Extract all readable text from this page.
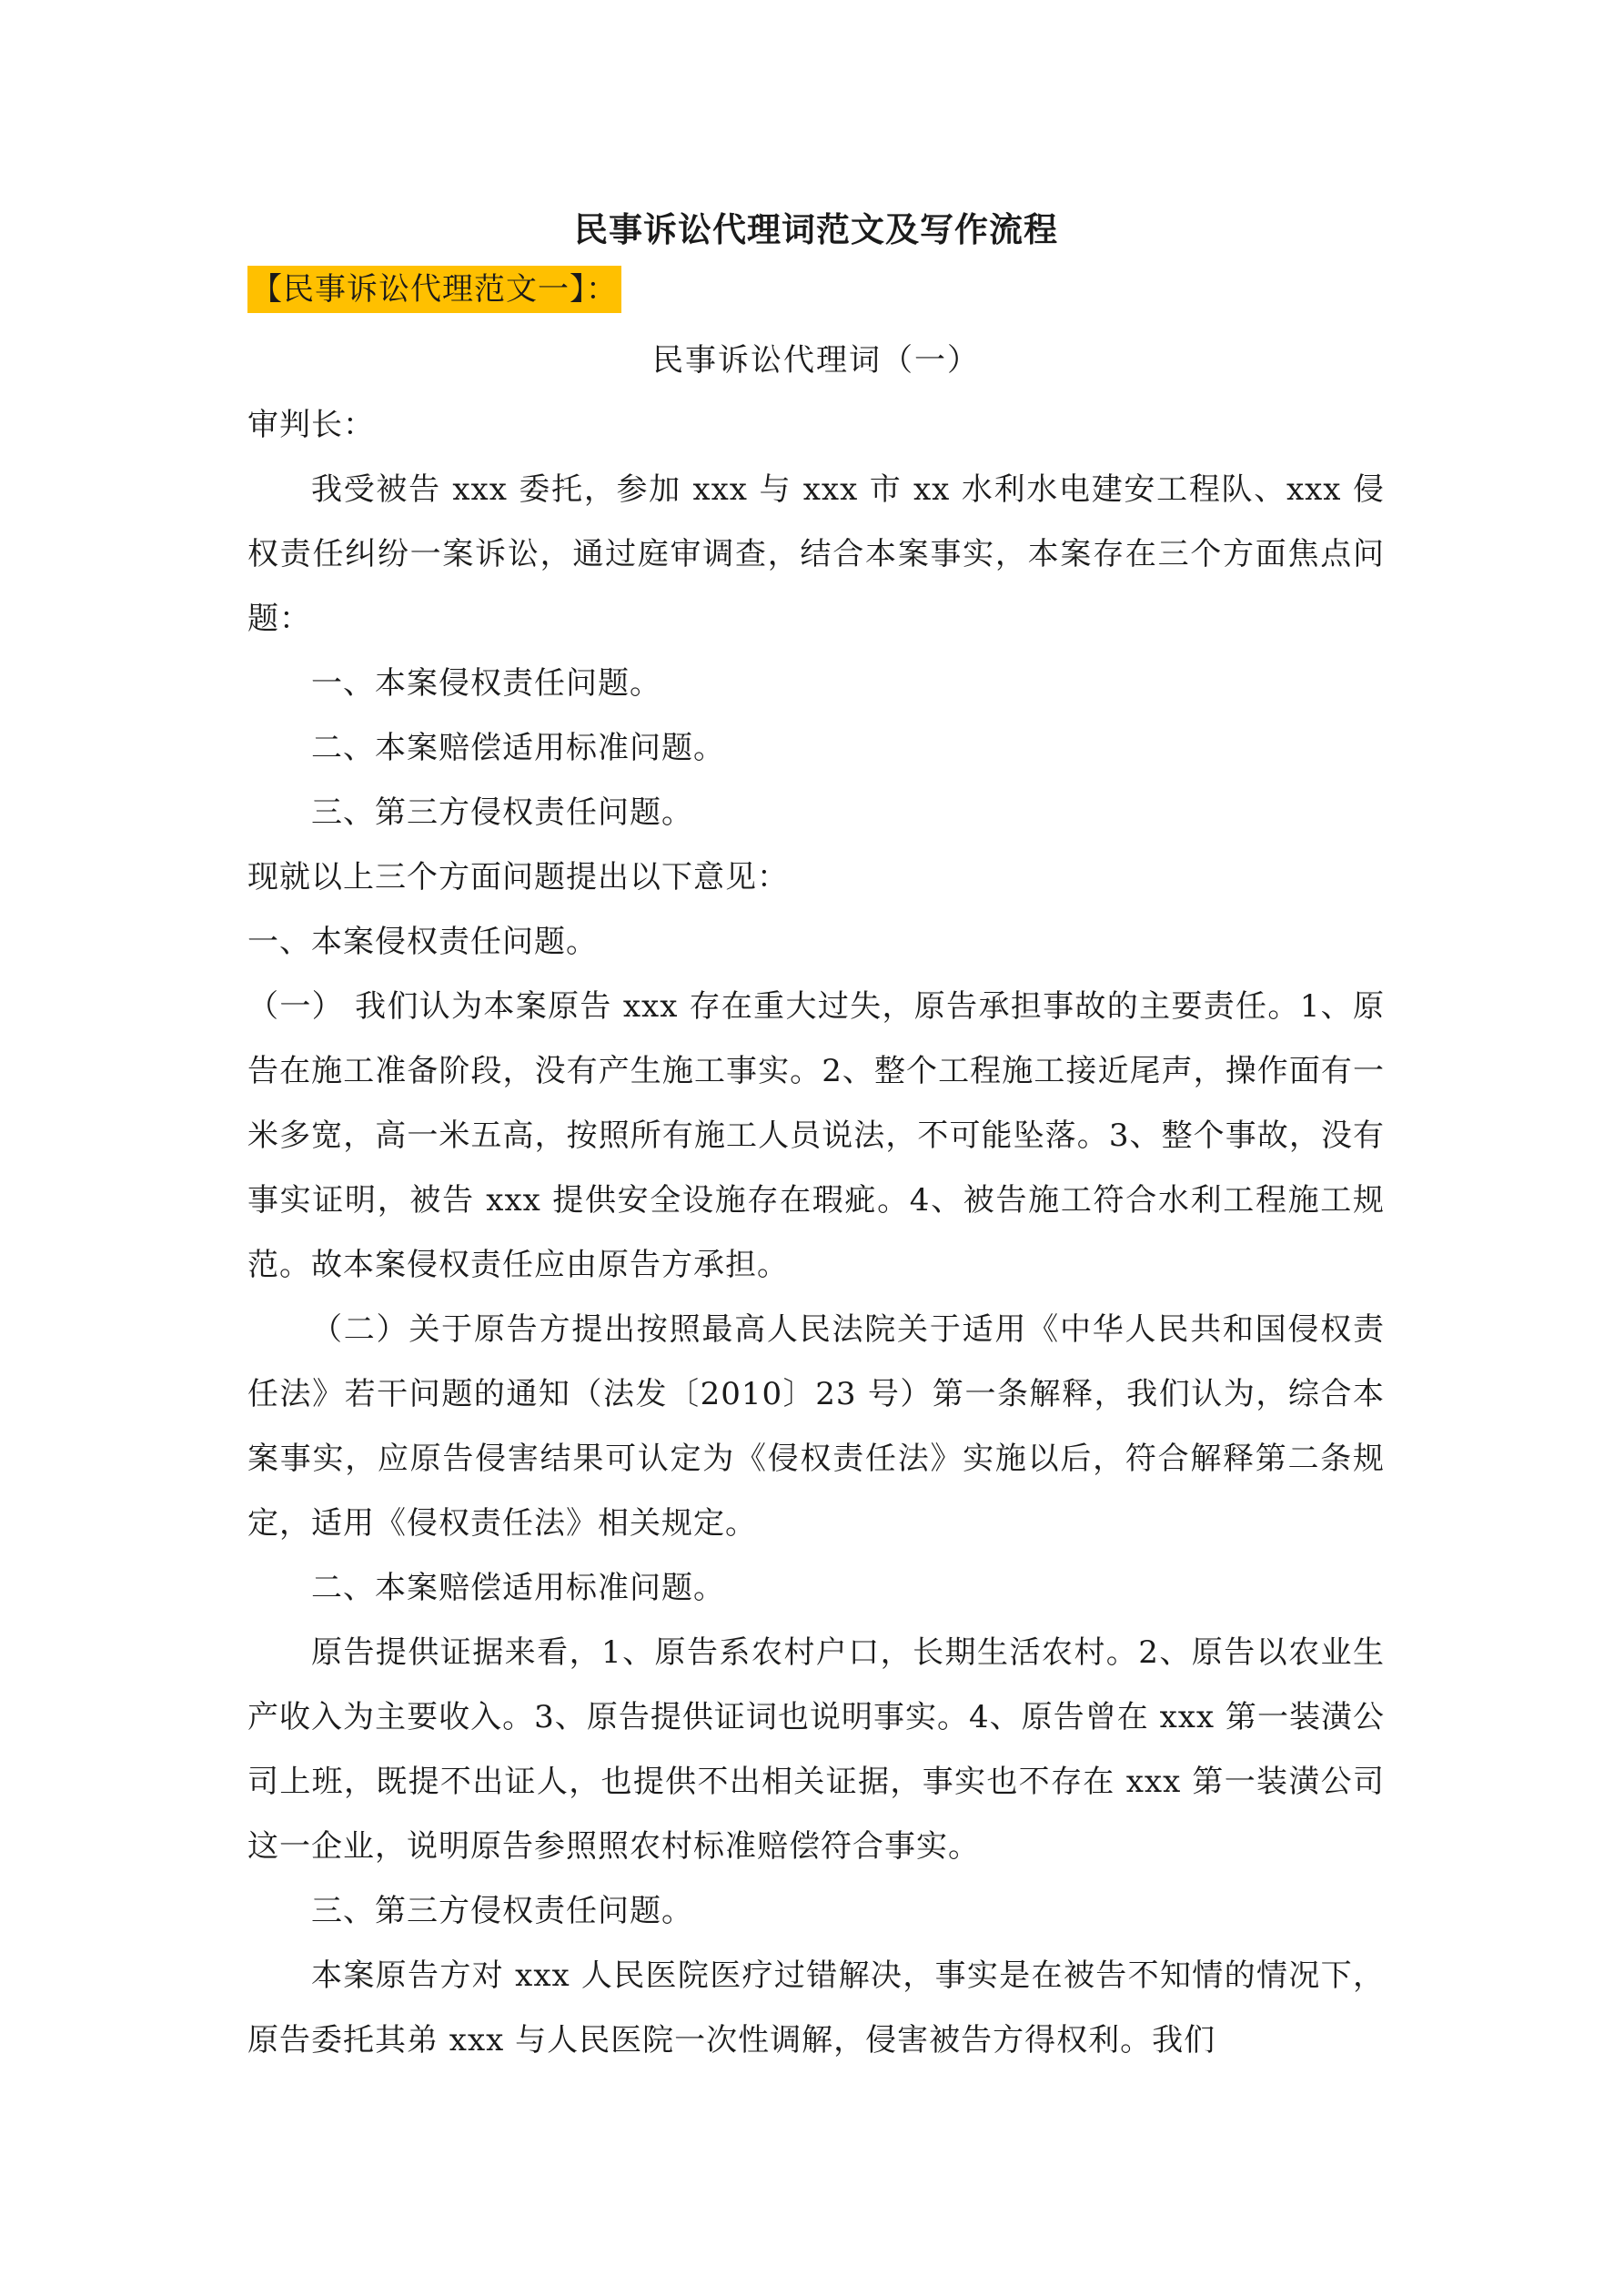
民事诉讼代理词范文及写作流程
【民事诉讼代理范文一】：
民事诉讼代理词（一）

审判长：

我受被告 xxx 委托，参加 xxx 与 xxx 市 xx 水利水电建安工程队、xxx 侵权责任纠纷一案诉讼，通过庭审调查，结合本案事实，本案存在三个方面焦点问题：

一、本案侵权责任问题。

二、本案赔偿适用标准问题。

三、第三方侵权责任问题。

现就以上三个方面问题提出以下意见：

一、本案侵权责任问题。

（一） 我们认为本案原告 xxx 存在重大过失，原告承担事故的主要责任。1、原告在施工准备阶段，没有产生施工事实。2、整个工程施工接近尾声，操作面有一米多宽，高一米五高，按照所有施工人员说法，不可能坠落。3、整个事故，没有事实证明，被告 xxx 提供安全设施存在瑕疵。4、被告施工符合水利工程施工规范。故本案侵权责任应由原告方承担。

（二）关于原告方提出按照最高人民法院关于适用《中华人民共和国侵权责任法》若干问题的通知（法发〔2010〕23 号）第一条解释，我们认为，综合本案事实，应原告侵害结果可认定为《侵权责任法》实施以后，符合解释第二条规定，适用《侵权责任法》相关规定。

二、本案赔偿适用标准问题。

原告提供证据来看，1、原告系农村户口，长期生活农村。2、原告以农业生产收入为主要收入。3、原告提供证词也说明事实。4、原告曾在 xxx 第一装潢公司上班，既提不出证人，也提供不出相关证据，事实也不存在 xxx 第一装潢公司这一企业，说明原告参照照农村标准赔偿符合事实。

三、第三方侵权责任问题。

本案原告方对 xxx 人民医院医疗过错解决，事实是在被告不知情的情况下，原告委托其弟 xxx 与人民医院一次性调解，侵害被告方得权利。我们
